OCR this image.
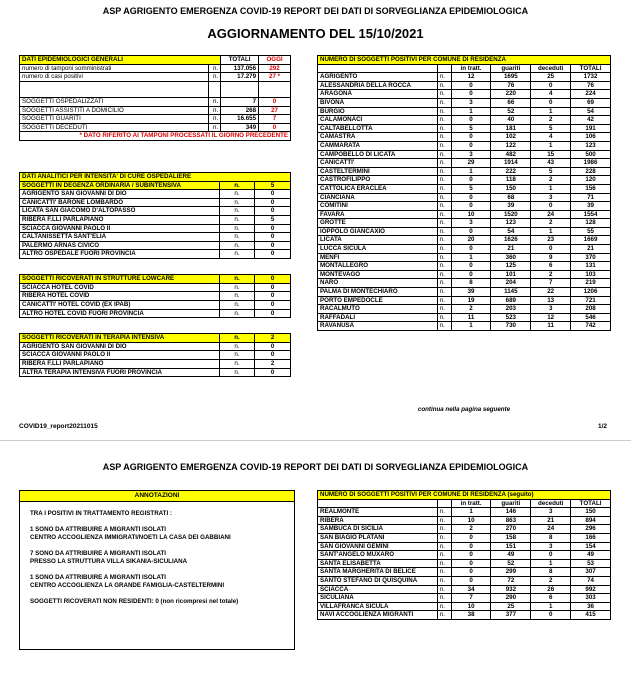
ASP AGRIGENTO EMERGENZA COVID-19 REPORT DEI DATI DI SORVEGLIANZA EPIDEMIOLOGICA
AGGIORNAMENTO DEL 15/10/2021
DATI EPIDEMIOLOGICI GENERALI		TOTALI	OGGI
numero di tamponi somministrati	n.	137.056	292
numero di casi positivi	n.	17.279	27 *

SOGGETTI OSPEDALIZZATI	n.	7	0
SOGGETTI ASSISTITI A DOMICILIO	n.	268	27
SOGGETTI GUARITI	n.	16.655	7
SOGGETTI DECEDUTI	n.	349	0
* DATO RIFERITO AI TAMPONI PROCESSATI IL GIORNO PRECEDENTE			
DATI ANALITICI PER INTENSITA' DI CURE OSPEDALIERE		
SOGGETTI IN DEGENZA ORDINARIA / SUBINTENSIVA	n.	5
AGRIGENTO SAN GIOVANNI DI DIO	n.	0
CANICATTI' BARONE LOMBARDO	n.	0
LICATA SAN GIACOMO D'ALTOPASSO	n.	0
RIBERA F.LLI PARLAPIANO	n.	5
SCIACCA GIOVANNI PAOLO II	n.	0
CALTANISSETTA SANT'ELIA	n.	0
PALERMO ARNAS CIVICO	n.	0
ALTRO OSPEDALE FUORI PROVINCIA	n.	0

SOGGETTI RICOVERATI IN STRUTTURE LOWCARE	n.	0
SCIACCA HOTEL COVID	n.	0
RIBERA HOTEL COVID	n.	0
CANICATTI' HOTEL COVID (EX IPAB)	n.	0
ALTRO HOTEL COVID FUORI PROVINCIA	n.	0

SOGGETTI RICOVERATI IN TERAPIA INTENSIVA	n.	2
AGRIGENTO SAN GIOVANNI DI DIO	n.	0
SCIACCA GIOVANNI PAOLO II	n.	0
RIBERA F.LLI PARLAPIANO	n.	2
ALTRA TERAPIA INTENSIVA FUORI PROVINCIA	n.	0
NUMERO DI SOGGETTI POSITIVI PER COMUNE DI RESIDENZA					
		in tratt.	guariti	deceduti	TOTALI
AGRIGENTO	n.	12	1695	25	1732
ALESSANDRIA DELLA ROCCA	n.	0	76	0	76
ARAGONA	n.	0	220	4	224
BIVONA	n.	3	66	0	69
BURGIO	n.	1	52	1	54
CALAMONACI	n.	0	40	2	42
CALTABELLOTTA	n.	5	181	5	191
CAMASTRA	n.	0	102	4	106
CAMMARATA	n.	0	122	1	123
CAMPOBELLO DI LICATA	n.	3	482	15	500
CANICATTI'	n.	29	1914	43	1986
CASTELTERMINI	n.	1	222	5	228
CASTROFILIPPO	n.	0	118	2	120
CATTOLICA ERACLEA	n.	5	150	1	156
CIANCIANA	n.	0	68	3	71
COMITINI	n.	0	39	0	39
FAVARA	n.	10	1520	24	1554
GROTTE	n.	3	123	2	128
IOPPOLO GIANCAXIO	n.	0	54	1	55
LICATA	n.	20	1626	23	1669
LUCCA SICULA	n.	0	21	0	21
MENFI	n.	1	360	9	370
MONTALLEGRO	n.	0	125	6	131
MONTEVAGO	n.	0	101	2	103
NARO	n.	8	204	7	219
PALMA DI MONTECHIARO	n.	39	1145	22	1206
PORTO EMPEDOCLE	n.	19	689	13	721
RACALMUTO	n.	2	203	3	208
RAFFADALI	n.	11	523	12	546
RAVANUSA	n.	1	730	11	742
continua nella pagina seguente
COVID19_report20211015	1/2
ASP AGRIGENTO EMERGENZA COVID-19 REPORT DEI DATI DI SORVEGLIANZA EPIDEMIOLOGICA
ANNOTAZIONI
TRA I POSITIVI IN TRATTAMENTO REGISTRATI :

1 SONO DA ATTRIBUIRE A MIGRANTI ISOLATI
CENTRO ACCOGLIENZA IMMIGRATI/NOETI LA CASA DEI GABBIANI

7 SONO DA ATTRIBUIRE A MIGRANTI ISOLATI
PRESSO LA STRUTTURA VILLA SIKANIA-SICULIANA

1 SONO DA ATTRIBUIRE A MIGRANTI ISOLATI
CENTRO ACCOGLIENZA LA GRANDE FAMIGLIA-CASTELTERMINI

SOGGETTI RICOVERATI NON RESIDENTI: 0 (non ricompresi nel totale)
NUMERO DI SOGGETTI POSITIVI PER COMUNE DI RESIDENZA (seguito)					
		in tratt.	guariti	deceduti	TOTALI
REALMONTE	n.	1	146	3	150
RIBERA	n.	10	863	21	894
SAMBUCA DI SICILIA	n.	2	270	24	296
SAN BIAGIO PLATANI	n.	0	158	8	166
SAN GIOVANNI GEMINI	n.	0	151	3	154
SANT'ANGELO MUXARO	n.	0	49	0	49
SANTA ELISABETTA	n.	0	52	1	53
SANTA MARGHERITA DI BELICE	n.	0	299	8	307
SANTO STEFANO DI QUISQUINA	n.	0	72	2	74
SCIACCA	n.	34	932	26	992
SICULIANA	n.	7	290	6	303
VILLAFRANCA SICULA	n.	10	25	1	36
NAVI ACCOGLIENZA MIGRANTI	n.	38	377	0	415
